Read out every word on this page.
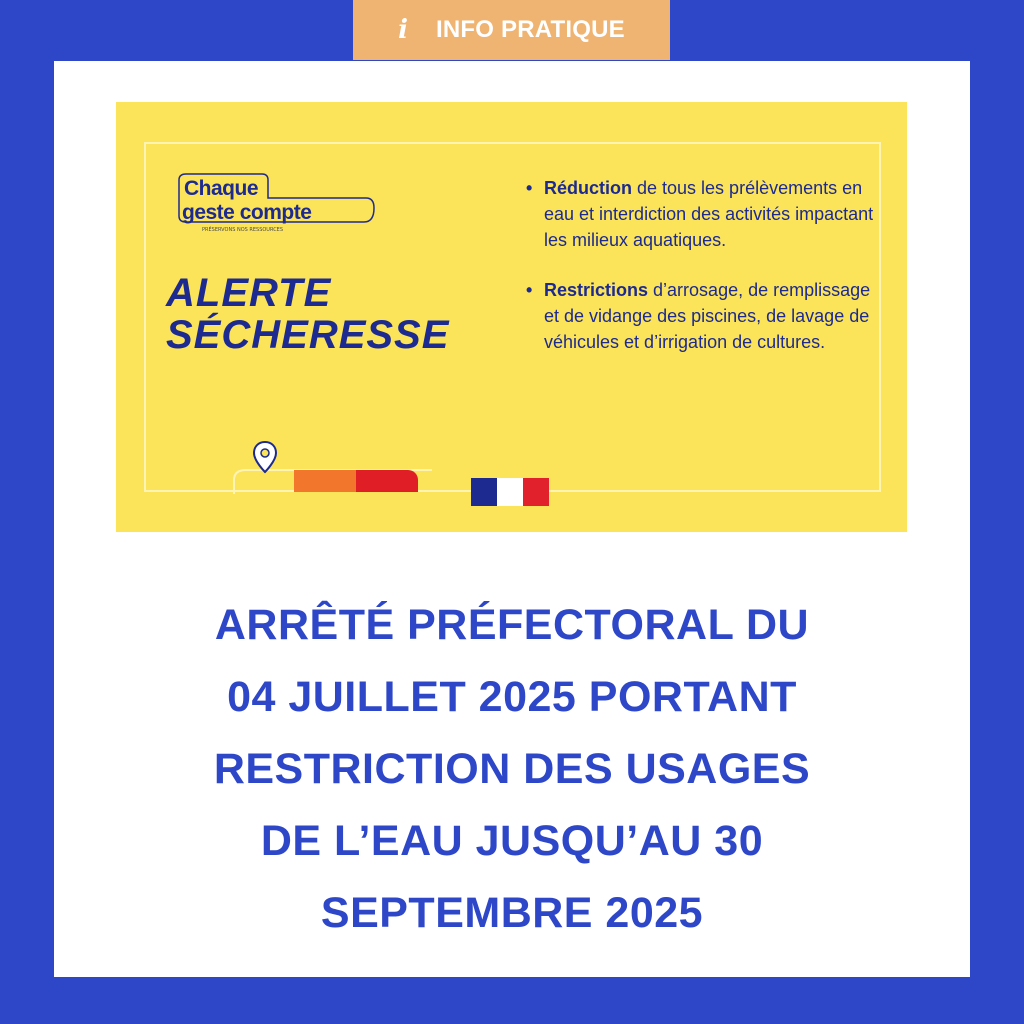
i INFO PRATIQUE
Chaque
geste compte
PRÉSERVONS NOS RESSOURCES
ALERTE
SÉCHERESSE
• Réduction de tous les prélèvements en eau et interdiction des activités impactant les milieux aquatiques.
• Restrictions d’arrosage, de remplissage et de vidange des piscines, de lavage de véhicules et d’irrigation de cultures.
ARRÊTÉ PRÉFECTORAL DU
04 JUILLET 2025 PORTANT
RESTRICTION DES USAGES
DE L’EAU JUSQU’AU 30
SEPTEMBRE 2025
